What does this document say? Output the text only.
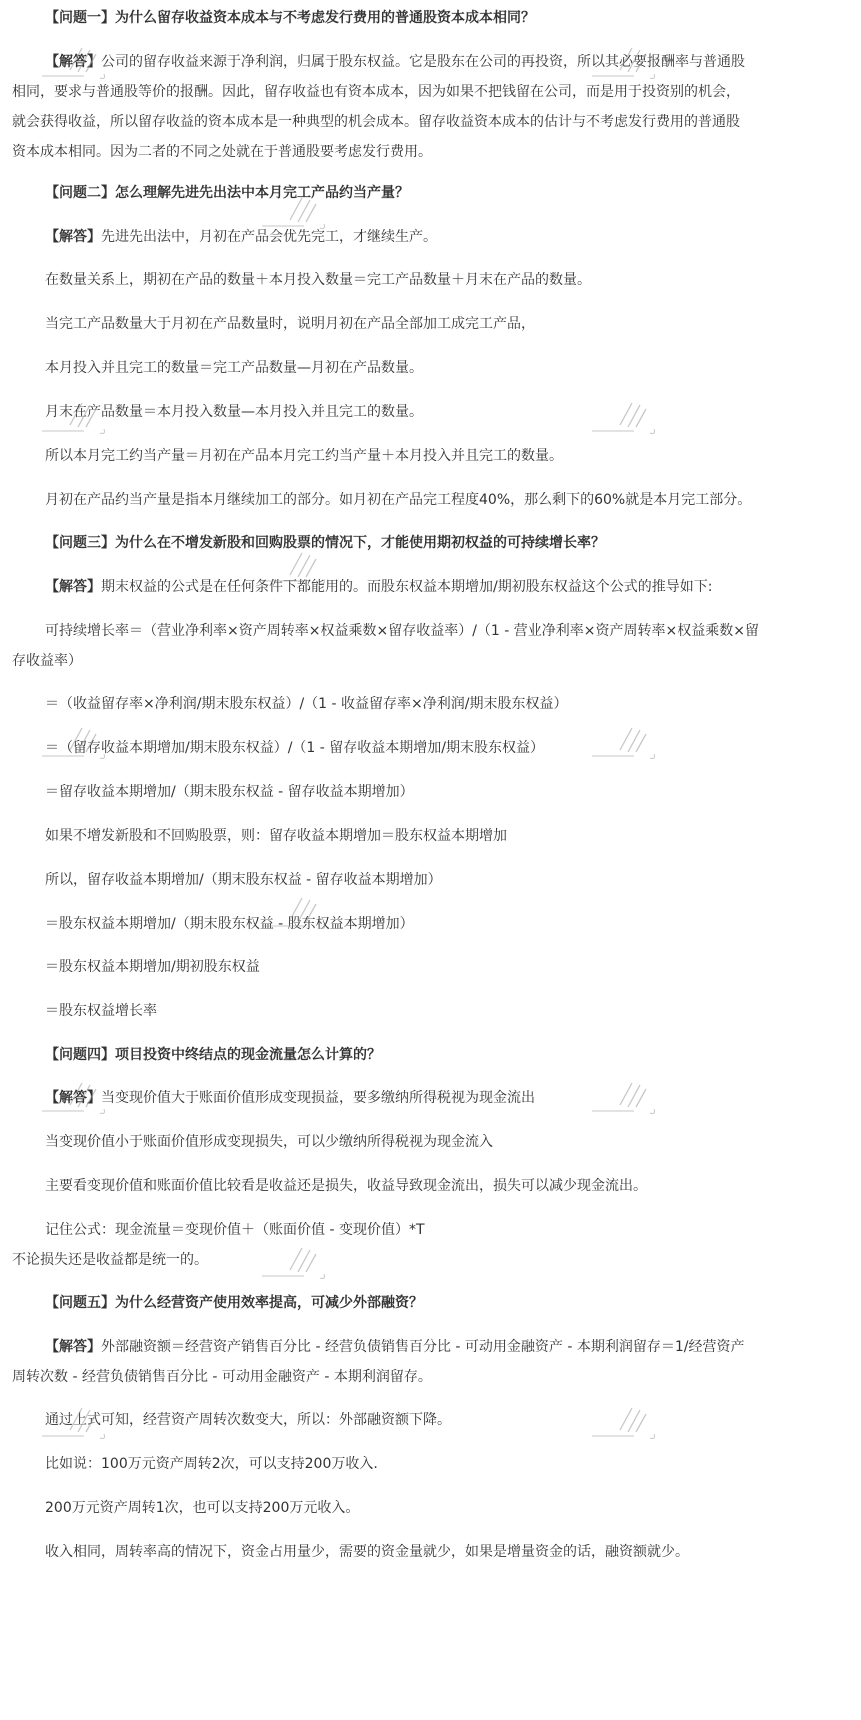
【问题一】为什么留存收益资本成本与不考虑发行费用的普通股资本成本相同？
【解答】公司的留存收益来源于净利润，归属于股东权益。它是股东在公司的再投资，所以其必要报酬率与普通股
相同，要求与普通股等价的报酬。因此，留存收益也有资本成本，因为如果不把钱留在公司，而是用于投资别的机会，
就会获得收益，所以留存收益的资本成本是一种典型的机会成本。留存收益资本成本的估计与不考虑发行费用的普通股
资本成本相同。因为二者的不同之处就在于普通股要考虑发行费用。
【问题二】怎么理解先进先出法中本月完工产品约当产量？
【解答】先进先出法中，月初在产品会优先完工，才继续生产。
在数量关系上，期初在产品的数量＋本月投入数量＝完工产品数量＋月末在产品的数量。
当完工产品数量大于月初在产品数量时，说明月初在产品全部加工成完工产品，
本月投入并且完工的数量＝完工产品数量—月初在产品数量。
月末在产品数量＝本月投入数量—本月投入并且完工的数量。
所以本月完工约当产量＝月初在产品本月完工约当产量＋本月投入并且完工的数量。
月初在产品约当产量是指本月继续加工的部分。如月初在产品完工程度40%，那么剩下的60%就是本月完工部分。
【问题三】为什么在不增发新股和回购股票的情况下，才能使用期初权益的可持续增长率？
【解答】期末权益的公式是在任何条件下都能用的。而股东权益本期增加/期初股东权益这个公式的推导如下:
可持续增长率＝（营业净利率×资产周转率×权益乘数×留存收益率）/（1 - 营业净利率×资产周转率×权益乘数×留
存收益率）
＝（收益留存率×净利润/期末股东权益）/（1 - 收益留存率×净利润/期末股东权益）
＝（留存收益本期增加/期末股东权益）/（1 - 留存收益本期增加/期末股东权益）
＝留存收益本期增加/（期末股东权益 - 留存收益本期增加）
如果不增发新股和不回购股票，则：留存收益本期增加＝股东权益本期增加
所以，留存收益本期增加/（期末股东权益 - 留存收益本期增加）
＝股东权益本期增加/（期末股东权益 - 股东权益本期增加）
＝股东权益本期增加/期初股东权益
＝股东权益增长率
【问题四】项目投资中终结点的现金流量怎么计算的？
【解答】当变现价值大于账面价值形成变现损益，要多缴纳所得税视为现金流出
当变现价值小于账面价值形成变现损失，可以少缴纳所得税视为现金流入
主要看变现价值和账面价值比较看是收益还是损失，收益导致现金流出，损失可以减少现金流出。
记住公式：现金流量＝变现价值＋（账面价值 - 变现价值）*T
不论损失还是收益都是统一的。
【问题五】为什么经营资产使用效率提高，可减少外部融资？
【解答】外部融资额＝经营资产销售百分比 - 经营负债销售百分比 - 可动用金融资产 - 本期利润留存＝1/经营资产
周转次数 - 经营负债销售百分比 - 可动用金融资产 - 本期利润留存。
通过上式可知，经营资产周转次数变大，所以：外部融资额下降。
比如说：100万元资产周转2次，可以支持200万收入.
200万元资产周转1次，也可以支持200万元收入。
收入相同，周转率高的情况下，资金占用量少，需要的资金量就少，如果是增量资金的话，融资额就少。
